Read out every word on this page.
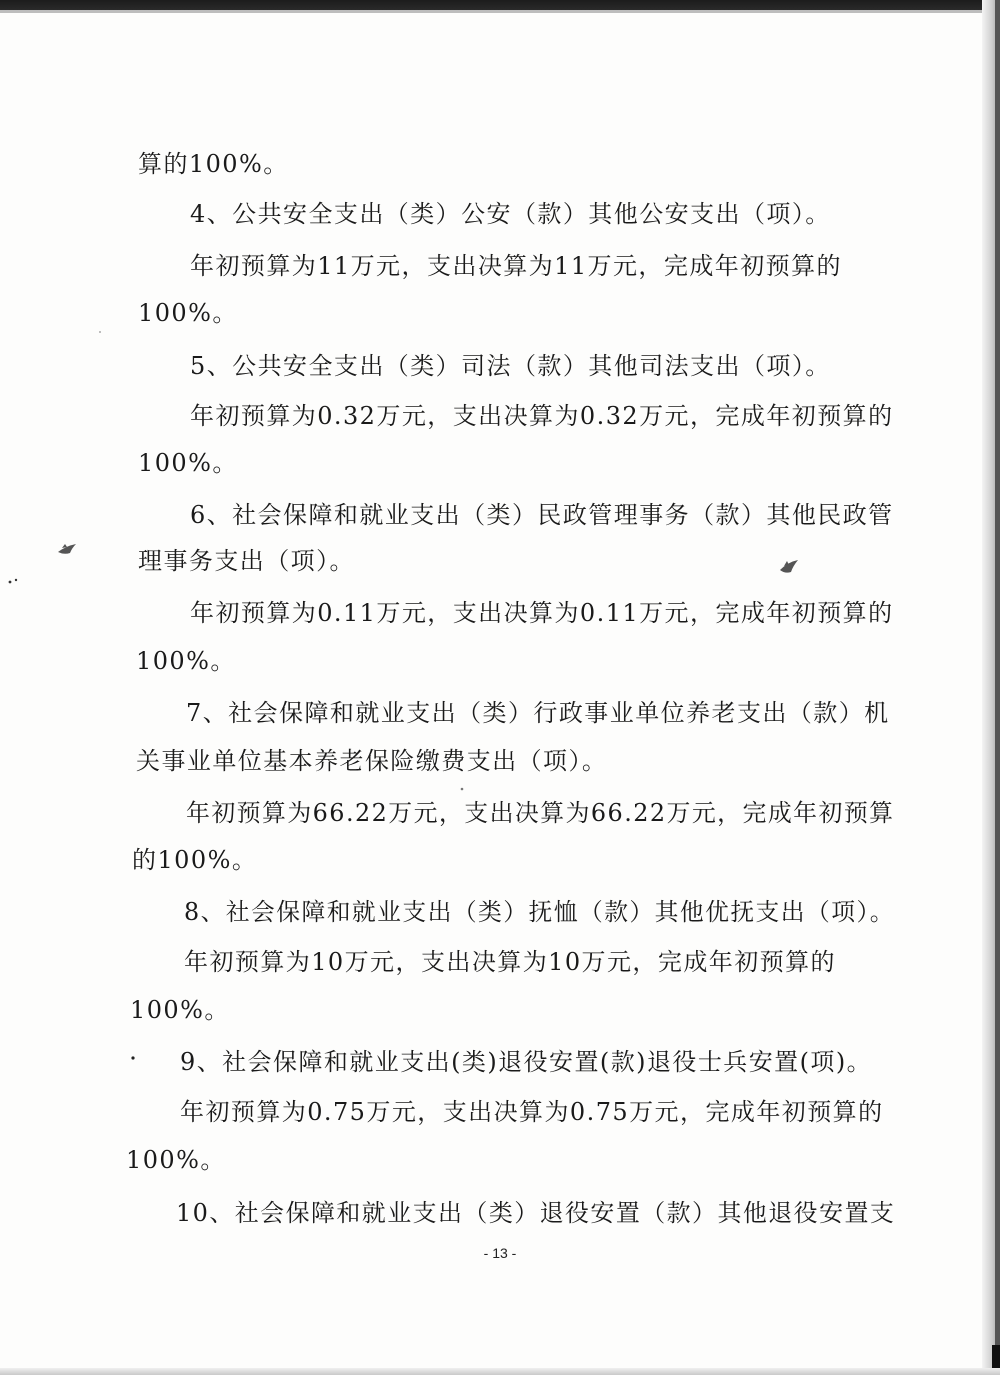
算的100%。
4、公共安全支出（类）公安（款）其他公安支出（项）。
年初预算为11万元，支出决算为11万元，完成年初预算的
100%。
5、公共安全支出（类）司法（款）其他司法支出（项）。
年初预算为0.32万元，支出决算为0.32万元，完成年初预算的
100%。
6、社会保障和就业支出（类）民政管理事务（款）其他民政管
理事务支出（项）。
年初预算为0.11万元，支出决算为0.11万元，完成年初预算的
100%。
7、社会保障和就业支出（类）行政事业单位养老支出（款）机
关事业单位基本养老保险缴费支出（项）。
年初预算为66.22万元，支出决算为66.22万元，完成年初预算
的100%。
8、社会保障和就业支出（类）抚恤（款）其他优抚支出（项）。
年初预算为10万元，支出决算为10万元，完成年初预算的
100%。
9、社会保障和就业支出(类)退役安置(款)退役士兵安置(项)。
年初预算为0.75万元，支出决算为0.75万元，完成年初预算的
100%。
10、社会保障和就业支出（类）退役安置（款）其他退役安置支
- 13 -
